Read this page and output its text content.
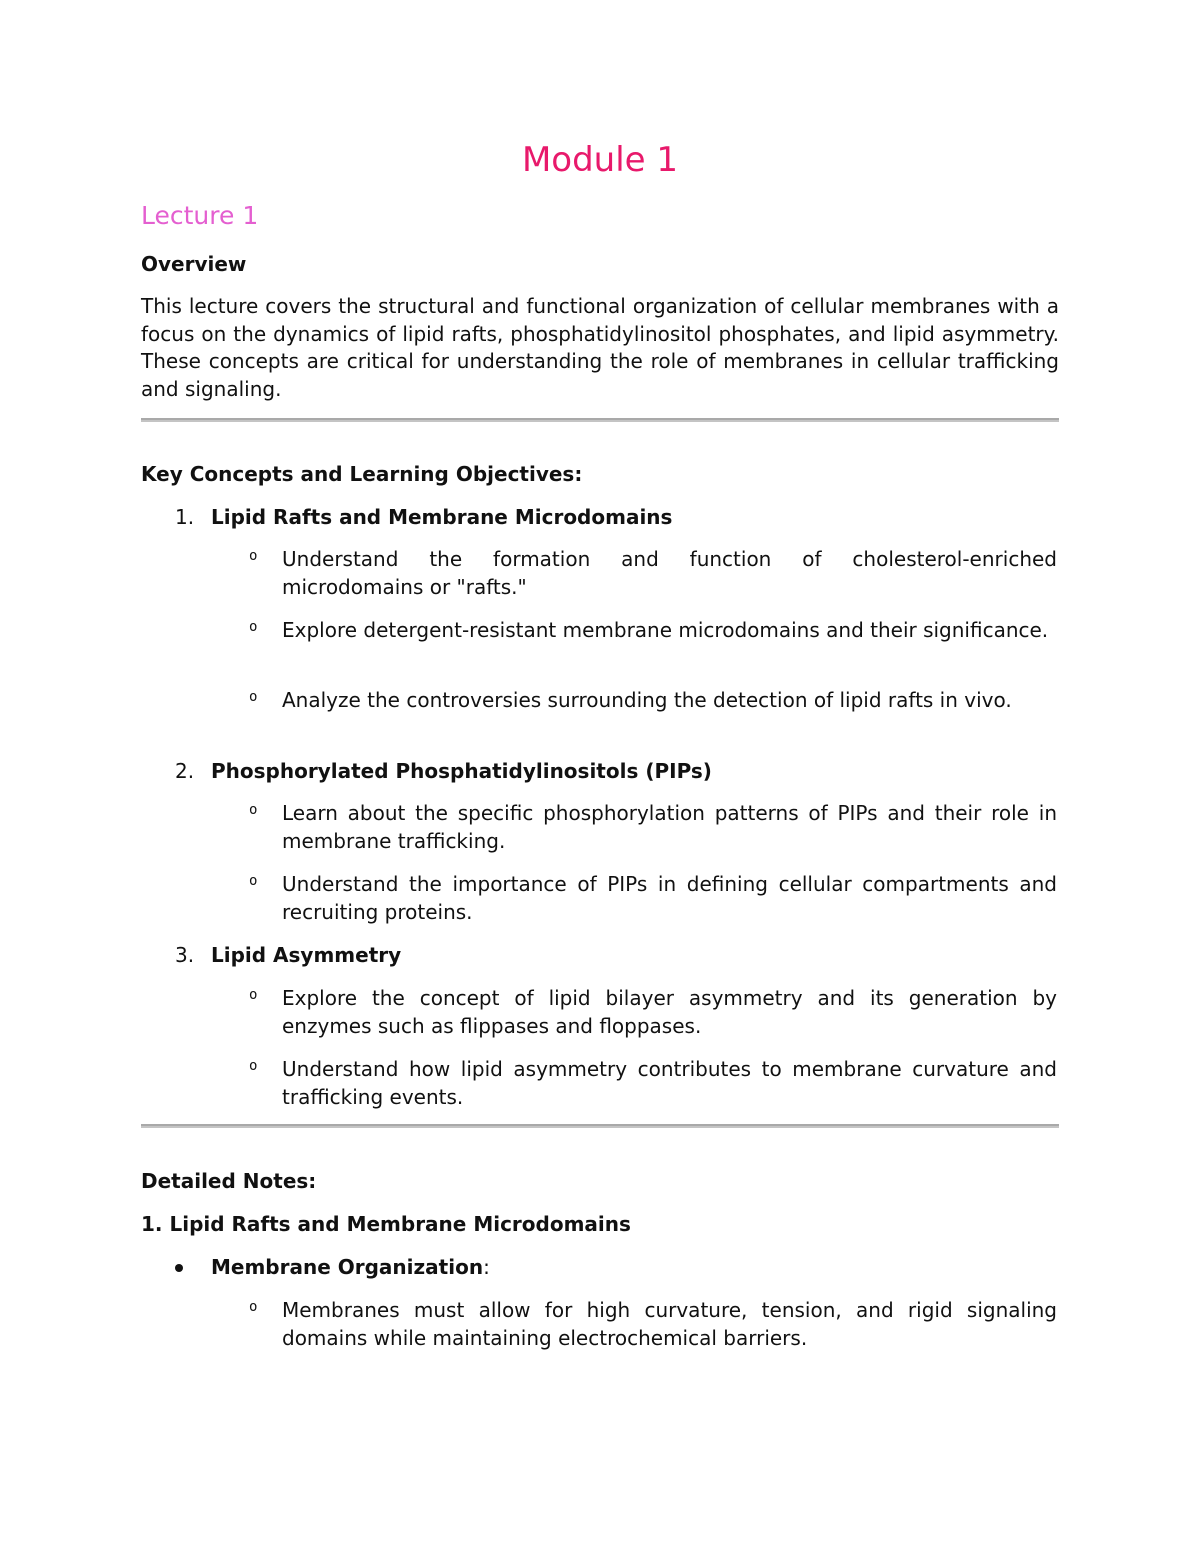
Module 1
Lecture 1
Overview

This lecture covers the structural and functional organization of cellular membranes with a focus on the dynamics of lipid rafts, phosphatidylinositol phosphates, and lipid asymmetry. These concepts are critical for understanding the role of membranes in cellular trafficking and signaling.

Key Concepts and Learning Objectives:
1. Lipid Rafts and Membrane Microdomains
o Understand the formation and function of cholesterol-enriched microdomains or "rafts."
o Explore detergent-resistant membrane microdomains and their significance.
o Analyze the controversies surrounding the detection of lipid rafts in vivo.
2. Phosphorylated Phosphatidylinositols (PIPs)
o Learn about the specific phosphorylation patterns of PIPs and their role in membrane trafficking.
o Understand the importance of PIPs in defining cellular compartments and recruiting proteins.
3. Lipid Asymmetry
o Explore the concept of lipid bilayer asymmetry and its generation by enzymes such as flippases and floppases.
o Understand how lipid asymmetry contributes to membrane curvature and trafficking events.
Detailed Notes:
1. Lipid Rafts and Membrane Microdomains
Membrane Organization:
o Membranes must allow for high curvature, tension, and rigid signaling domains while maintaining electrochemical barriers.
